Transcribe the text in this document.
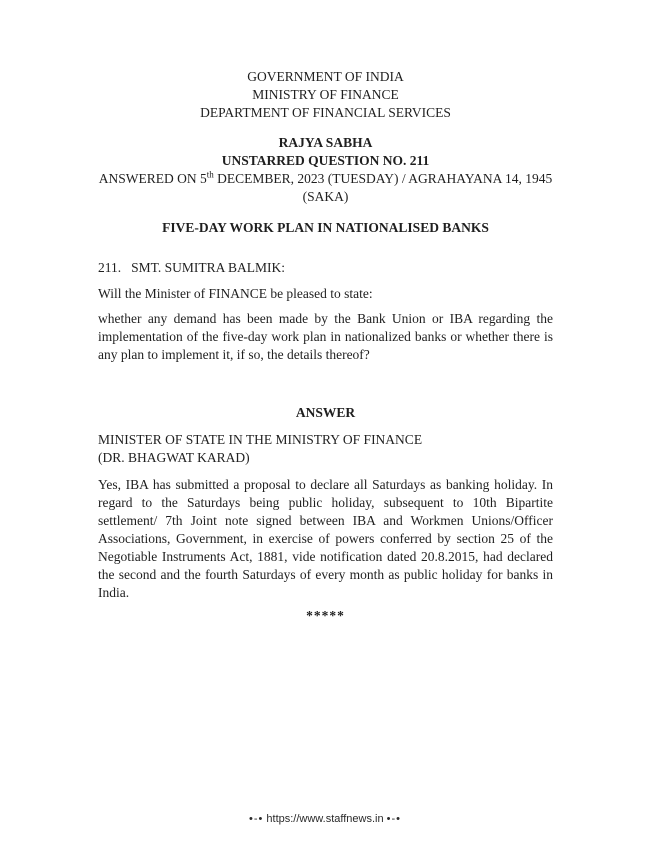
GOVERNMENT OF INDIA
MINISTRY OF FINANCE
DEPARTMENT OF FINANCIAL SERVICES
RAJYA SABHA
UNSTARRED QUESTION NO. 211
ANSWERED ON 5th DECEMBER, 2023 (TUESDAY) / AGRAHAYANA 14, 1945
(SAKA)
FIVE-DAY WORK PLAN IN NATIONALISED BANKS
211. SMT. SUMITRA BALMIK:
Will the Minister of FINANCE be pleased to state:

whether any demand has been made by the Bank Union or IBA regarding the implementation of the five-day work plan in nationalized banks or whether there is any plan to implement it, if so, the details thereof?

ANSWER
MINISTER OF STATE IN THE MINISTRY OF FINANCE
(DR. BHAGWAT KARAD)

Yes, IBA has submitted a proposal to declare all Saturdays as banking holiday. In regard to the Saturdays being public holiday, subsequent to 10th Bipartite settlement/ 7th Joint note signed between IBA and Workmen Unions/Officer Associations, Government, in exercise of powers conferred by section 25 of the Negotiable Instruments Act, 1881, vide notification dated 20.8.2015, had declared the second and the fourth Saturdays of every month as public holiday for banks in India.

*****
•-• https://www.staffnews.in •-•
